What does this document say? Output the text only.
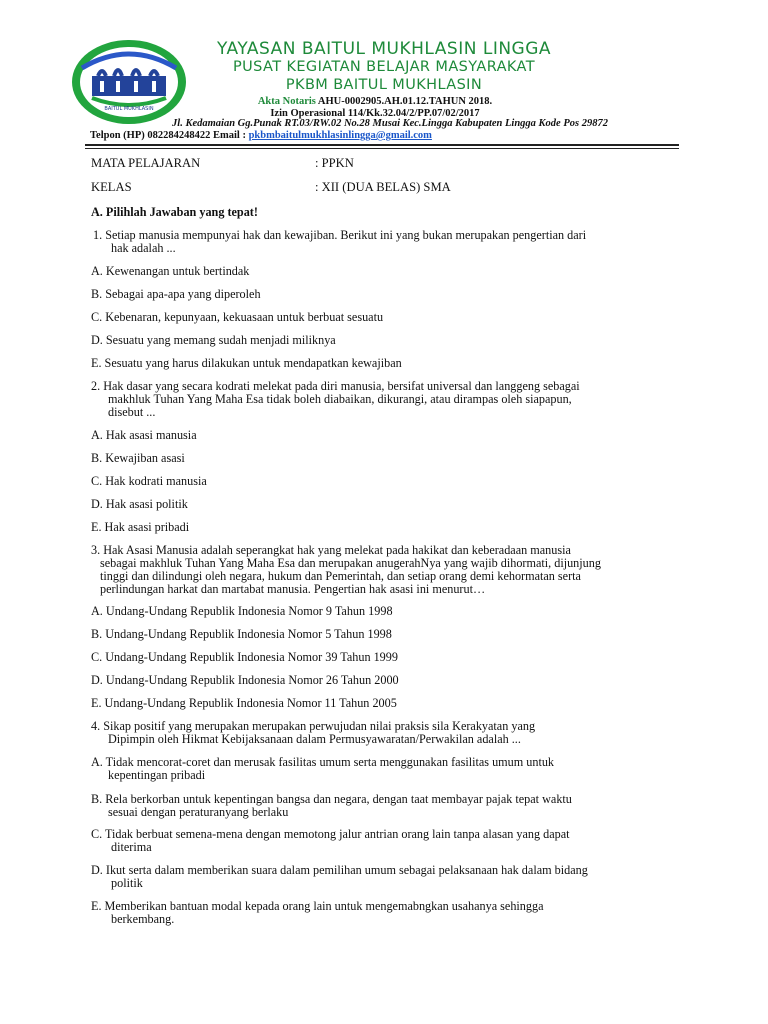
BAITUL MUKHLASIN
YAYASAN BAITUL MUKHLASIN LINGGA
PUSAT KEGIATAN BELAJAR MASYARAKAT
PKBM BAITUL MUKHLASIN
Akta Notaris AHU-0002905.AH.01.12.TAHUN 2018.
Izin Operasional 114/Kk.32.04/2/PP.07/02/2017
Jl. Kedamaian Gg.Punak RT.03/RW.02 No.28 Musai Kec.Lingga Kabupaten Lingga Kode Pos 29872
Telpon (HP) 082284248422 Email : pkbmbaitulmukhlasinlingga@gmail.com
MATA PELAJARAN	: PPKN
KELAS	: XII (DUA BELAS) SMA
A. Pilihlah Jawaban yang tepat!
1. Setiap manusia mempunyai hak dan kewajiban. Berikut ini yang bukan merupakan pengertian dari
hak adalah ...
A. Kewenangan untuk bertindak
B. Sebagai apa-apa yang diperoleh
C. Kebenaran, kepunyaan, kekuasaan untuk berbuat sesuatu
D. Sesuatu yang memang sudah menjadi miliknya
E. Sesuatu yang harus dilakukan untuk mendapatkan kewajiban
2. Hak dasar yang secara kodrati melekat pada diri manusia, bersifat universal dan langgeng sebagai
makhluk Tuhan Yang Maha Esa tidak boleh diabaikan, dikurangi, atau dirampas oleh siapapun,
disebut ...
A. Hak asasi manusia
B. Kewajiban asasi
C. Hak kodrati manusia
D. Hak asasi politik
E. Hak asasi pribadi
3. Hak Asasi Manusia adalah seperangkat hak yang melekat pada hakikat dan keberadaan manusia
sebagai makhluk Tuhan Yang Maha Esa dan merupakan anugerahNya yang wajib dihormati, dijunjung
tinggi dan dilindungi oleh negara, hukum dan Pemerintah, dan setiap orang demi kehormatan serta
perlindungan harkat dan martabat manusia. Pengertian hak asasi ini menurut…
A. Undang-Undang Republik Indonesia Nomor 9 Tahun 1998
B. Undang-Undang Republik Indonesia Nomor 5 Tahun 1998
C. Undang-Undang Republik Indonesia Nomor 39 Tahun 1999
D. Undang-Undang Republik Indonesia Nomor 26 Tahun 2000
E. Undang-Undang Republik Indonesia Nomor 11 Tahun 2005
4. Sikap positif yang merupakan merupakan perwujudan nilai praksis sila Kerakyatan yang
Dipimpin oleh Hikmat Kebijaksanaan dalam Permusyawaratan/Perwakilan adalah ...
A. Tidak mencorat-coret dan merusak fasilitas umum serta menggunakan fasilitas umum untuk
kepentingan pribadi
B. Rela berkorban untuk kepentingan bangsa dan negara, dengan taat membayar pajak tepat waktu
sesuai dengan peraturanyang berlaku
C. Tidak berbuat semena-mena dengan memotong jalur antrian orang lain tanpa alasan yang dapat
diterima
D. Ikut serta dalam memberikan suara dalam pemilihan umum sebagai pelaksanaan hak dalam bidang
politik
E. Memberikan bantuan modal kepada orang lain untuk mengemabngkan usahanya sehingga
berkembang.
